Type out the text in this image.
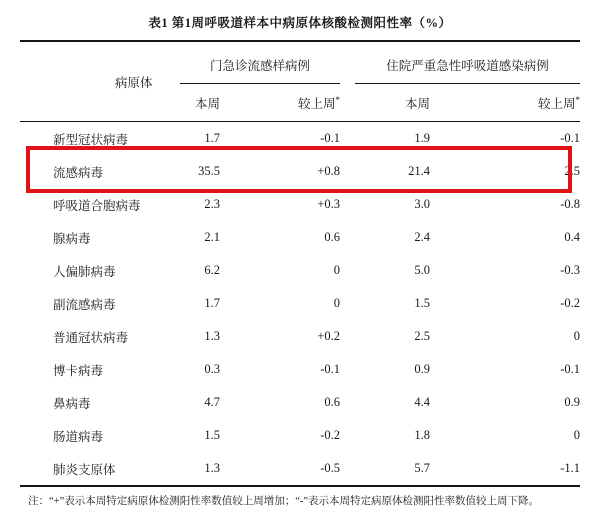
表1 第1周呼吸道样本中病原体核酸检测阳性率（%）
病原体	门急诊流感样病例			住院严重急性呼吸道感染病例	
	本周	较上周*		本周	较上周*
新型冠状病毒	1.7	-0.1		1.9	-0.1
流感病毒	35.5	+0.8		21.4	2.5
呼吸道合胞病毒	2.3	+0.3		3.0	-0.8
腺病毒	2.1	0.6		2.4	0.4
人偏肺病毒	6.2	0		5.0	-0.3
副流感病毒	1.7	0		1.5	-0.2
普通冠状病毒	1.3	+0.2		2.5	0
博卡病毒	0.3	-0.1		0.9	-0.1
鼻病毒	4.7	0.6		4.4	0.9
肠道病毒	1.5	-0.2		1.8	0
肺炎支原体	1.3	-0.5		5.7	-1.1
注：“+”表示本周特定病原体检测阳性率数值较上周增加；“-”表示本周特定病原体检测阳性率数值较上周下降。
